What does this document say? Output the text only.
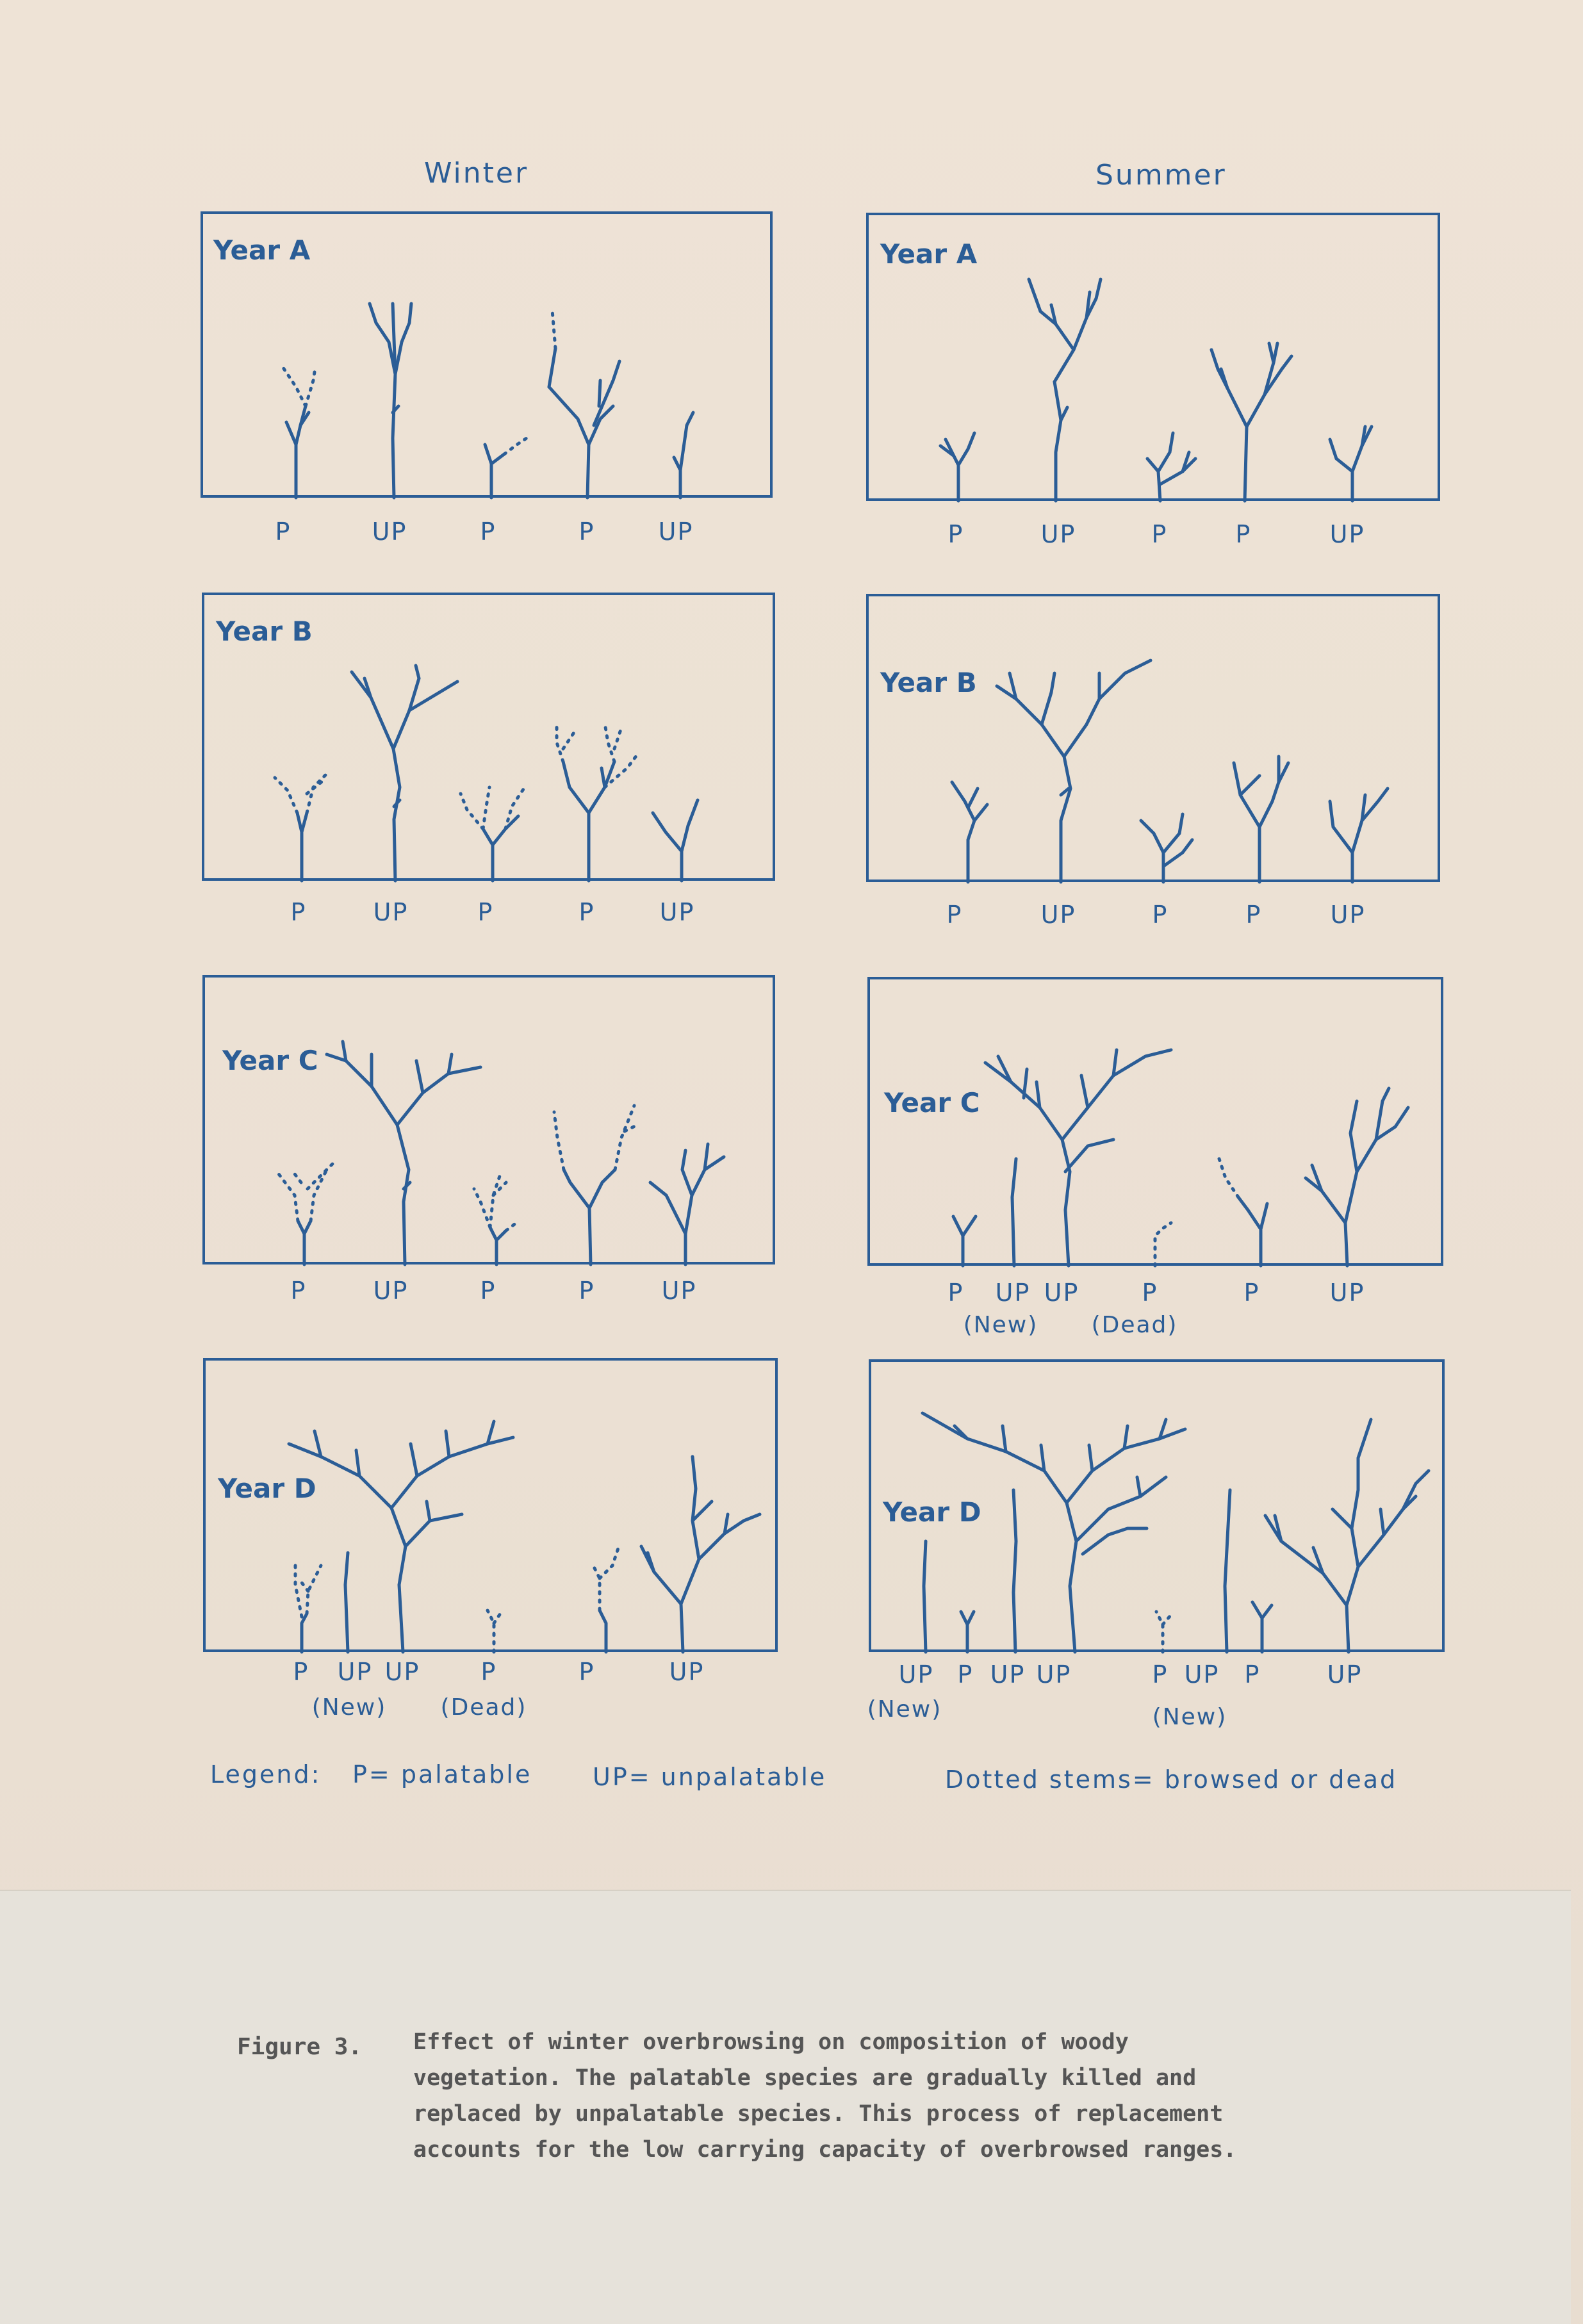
Winter	Summer
Year A
P	UP	P	P	UP
Year A
P	UP	P	P	UP
Year B
P	UP	P	P	UP
Year B
P	UP	P	P	UP
Year C
P	UP	P	P	UP
Year C
P UP UP	P	P	UP
(New) (Dead)
Year D
P UP UP	P	P	UP
(New) (Dead)
Year D
UP P UP UP	P UP P	UP
(New)	(New)
Legend: P= palatable UP= unpalatable	Dotted stems= browsed or dead
Figure 3. Effect of winter overbrowsing on composition of woody
vegetation. The palatable species are gradually killed and
replaced by unpalatable species. This process of replacement
accounts for the low carrying capacity of overbrowsed ranges.
